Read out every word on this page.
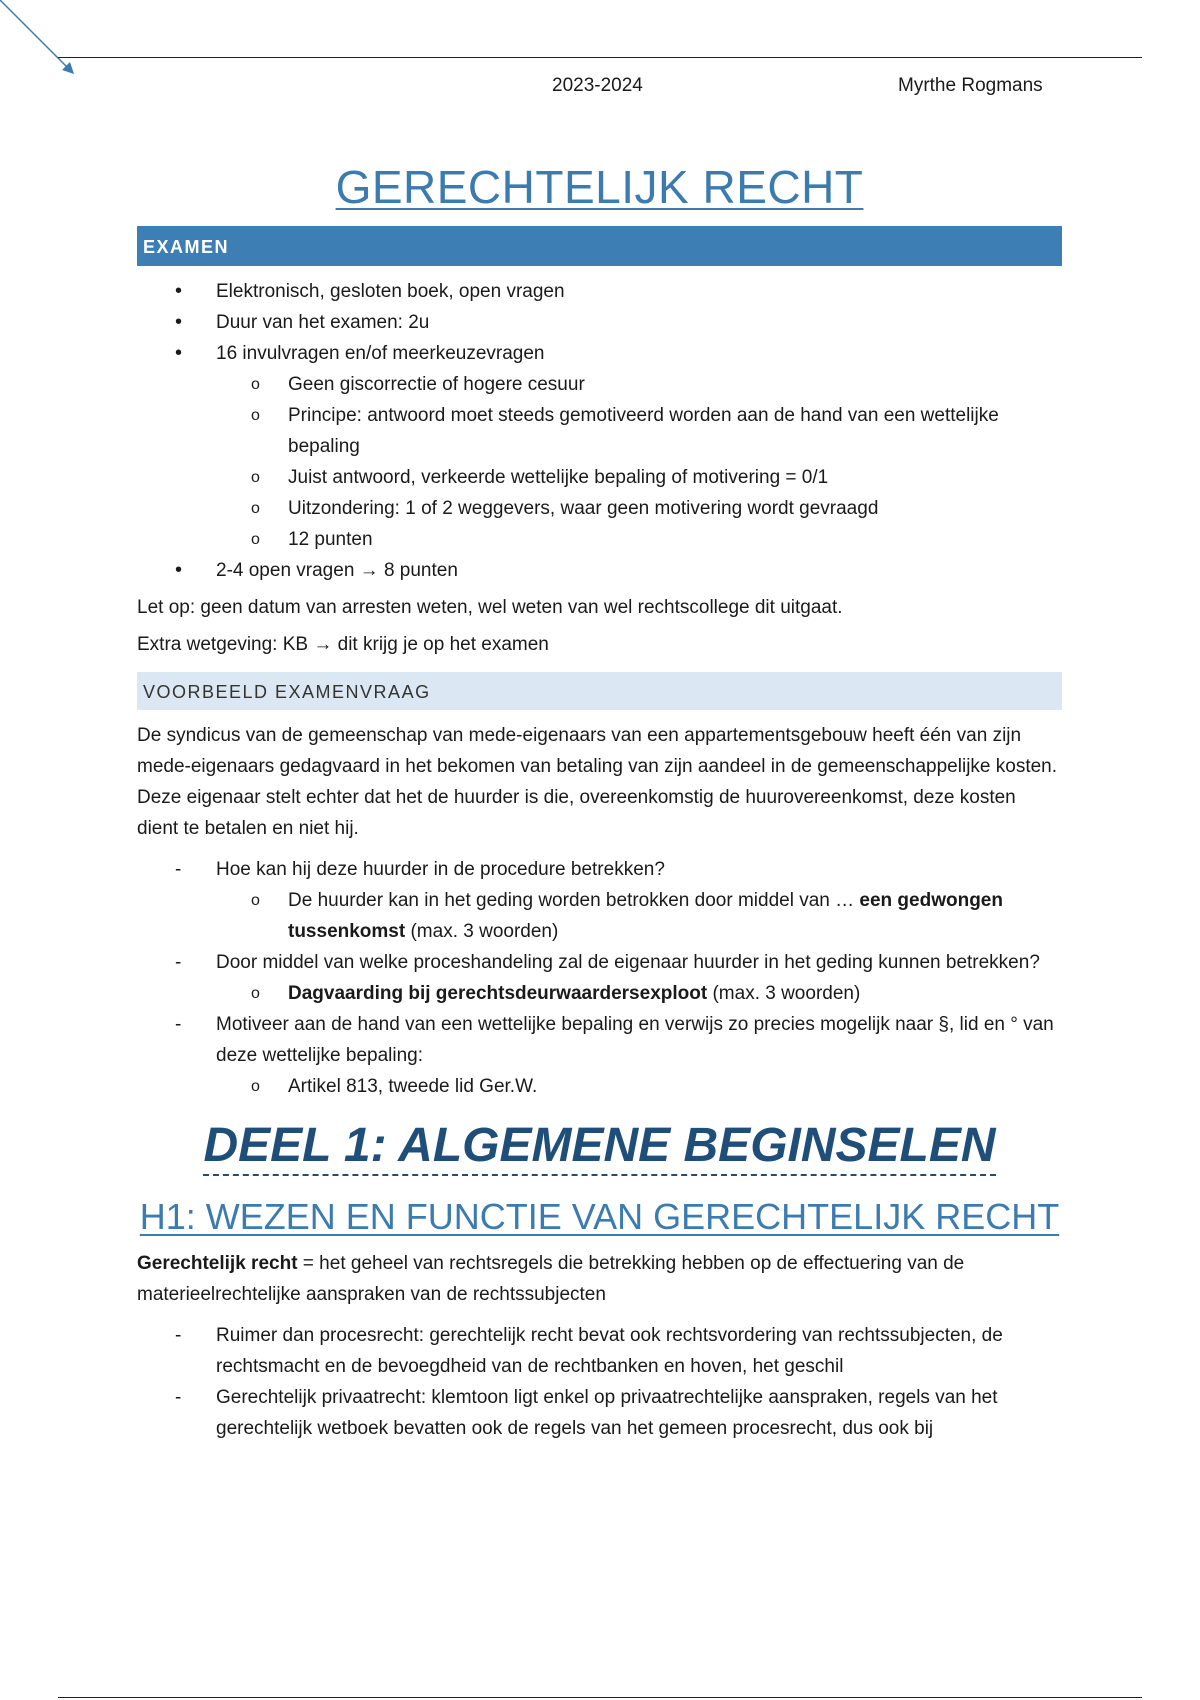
2023-2024	Myrthe Rogmans
GERECHTELIJK RECHT
EXAMEN
• Elektronisch, gesloten boek, open vragen
• Duur van het examen: 2u
• 16 invulvragen en/of meerkeuzevragen
o Geen giscorrectie of hogere cesuur
o Principe: antwoord moet steeds gemotiveerd worden aan de hand van een wettelijke bepaling
o Juist antwoord, verkeerde wettelijke bepaling of motivering = 0/1
o Uitzondering: 1 of 2 weggevers, waar geen motivering wordt gevraagd
o 12 punten
• 2-4 open vragen → 8 punten

Let op: geen datum van arresten weten, wel weten van wel rechtscollege dit uitgaat.

Extra wetgeving: KB → dit krijg je op het examen

VOORBEELD EXAMENVRAAG

De syndicus van de gemeenschap van mede-eigenaars van een appartementsgebouw heeft één van zijn mede-eigenaars gedagvaard in het bekomen van betaling van zijn aandeel in de gemeenschappelijke kosten. Deze eigenaar stelt echter dat het de huurder is die, overeenkomstig de huurovereenkomst, deze kosten dient te betalen en niet hij.

- Hoe kan hij deze huurder in de procedure betrekken?
o De huurder kan in het geding worden betrokken door middel van … een gedwongen tussenkomst (max. 3 woorden)
- Door middel van welke proceshandeling zal de eigenaar huurder in het geding kunnen betrekken?
o Dagvaarding bij gerechtsdeurwaardersexploot (max. 3 woorden)
- Motiveer aan de hand van een wettelijke bepaling en verwijs zo precies mogelijk naar §, lid en ° van deze wettelijke bepaling:
o Artikel 813, tweede lid Ger.W.
DEEL 1: ALGEMENE BEGINSELEN
H1: WEZEN EN FUNCTIE VAN GERECHTELIJK RECHT

Gerechtelijk recht = het geheel van rechtsregels die betrekking hebben op de effectuering van de materieelrechtelijke aanspraken van de rechtssubjecten

- Ruimer dan procesrecht: gerechtelijk recht bevat ook rechtsvordering van rechtssubjecten, de rechtsmacht en de bevoegdheid van de rechtbanken en hoven, het geschil
- Gerechtelijk privaatrecht: klemtoon ligt enkel op privaatrechtelijke aanspraken, regels van het gerechtelijk wetboek bevatten ook de regels van het gemeen procesrecht, dus ook bij
